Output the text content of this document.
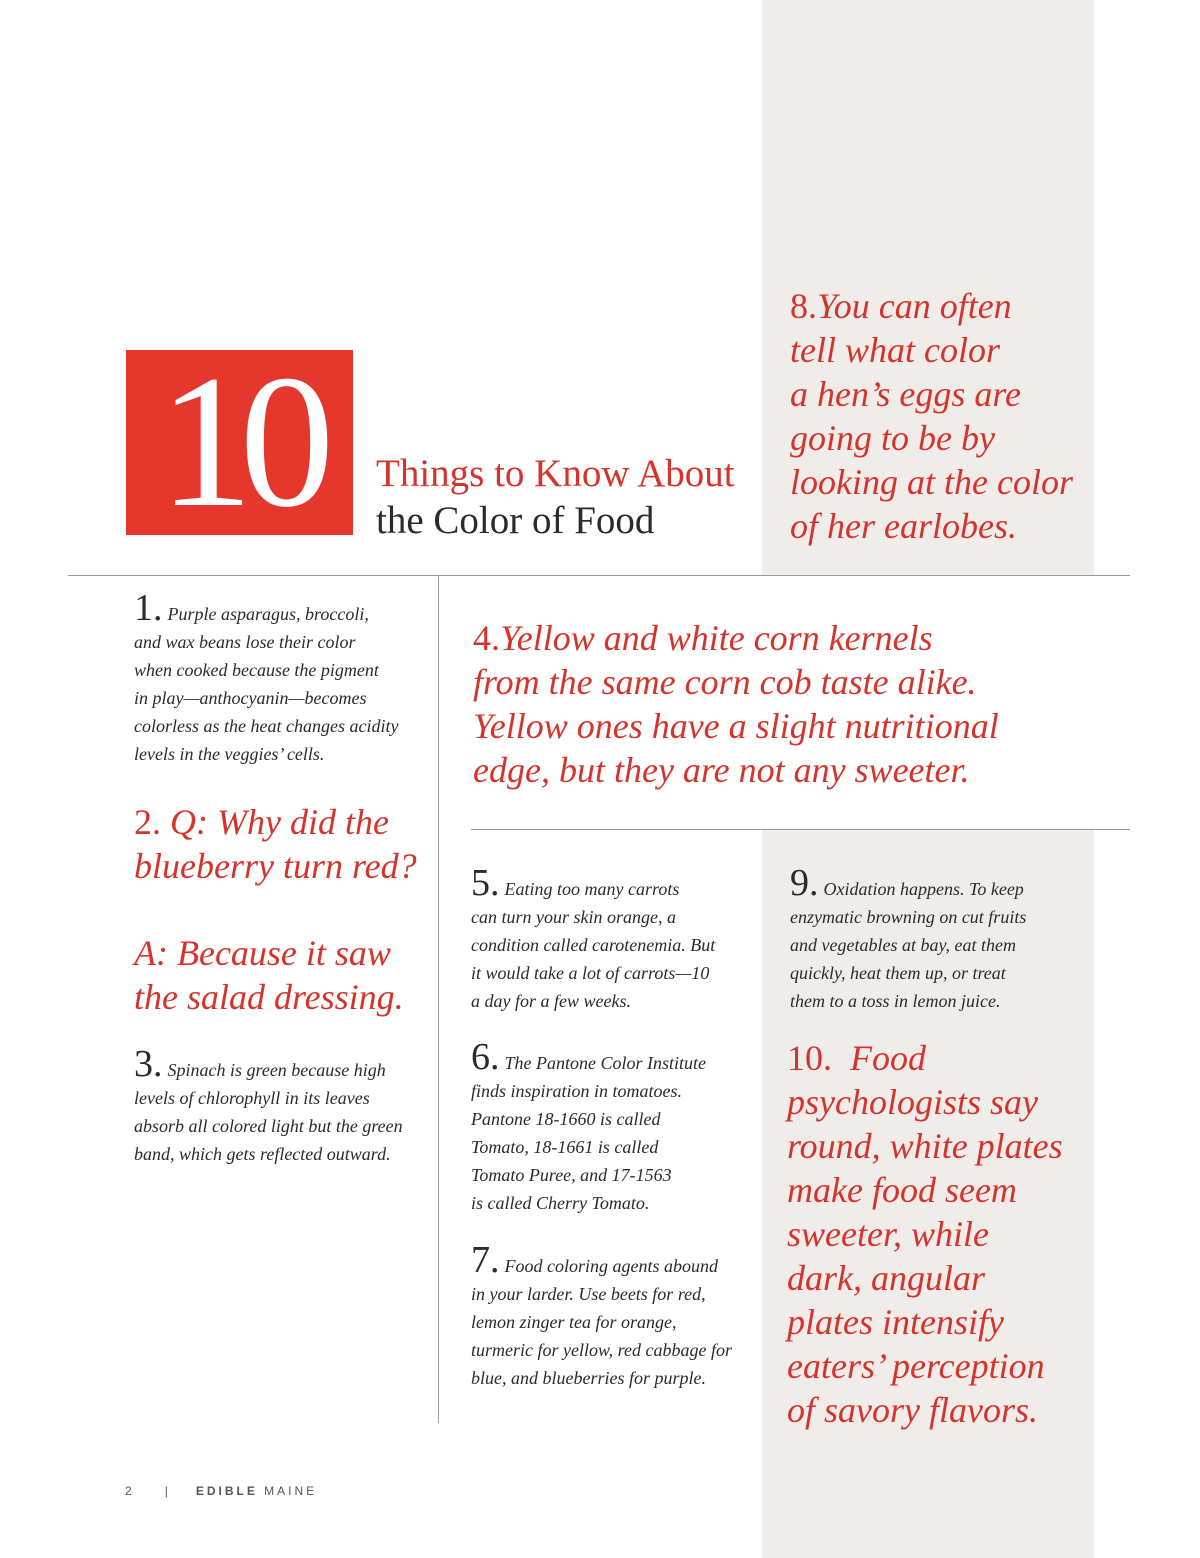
10	Things to Know About
the Color of Food
1. Purple asparagus, broccoli,
and wax beans lose their color
when cooked because the pigment
in play—anthocyanin—becomes
colorless as the heat changes acidity
levels in the veggies’ cells.
2. Q: Why did the
blueberry turn red?
A: Because it saw
the salad dressing.
3. Spinach is green because high
levels of chlorophyll in its leaves
absorb all colored light but the green
band, which gets reflected outward.
4.Yellow and white corn kernels
from the same corn cob taste alike.
Yellow ones have a slight nutritional
edge, but they are not any sweeter.
5. Eating too many carrots
can turn your skin orange, a
condition called carotenemia. But
it would take a lot of carrots—10
a day for a few weeks.
6. The Pantone Color Institute
finds inspiration in tomatoes.
Pantone 18-1660 is called
Tomato, 18-1661 is called
Tomato Puree, and 17-1563
is called Cherry Tomato.
7. Food coloring agents abound
in your larder. Use beets for red,
lemon zinger tea for orange,
turmeric for yellow, red cabbage for
blue, and blueberries for purple.
8.You can often
tell what color
a hen’s eggs are
going to be by
looking at the color
of her earlobes.
9. Oxidation happens. To keep
enzymatic browning on cut fruits
and vegetables at bay, eat them
quickly, heat them up, or treat
them to a toss in lemon juice.
10. Food
psychologists say
round, white plates
make food seem
sweeter, while
dark, angular
plates intensify
eaters’ perception
of savory flavors.
2	| EDIBLE MAINE
